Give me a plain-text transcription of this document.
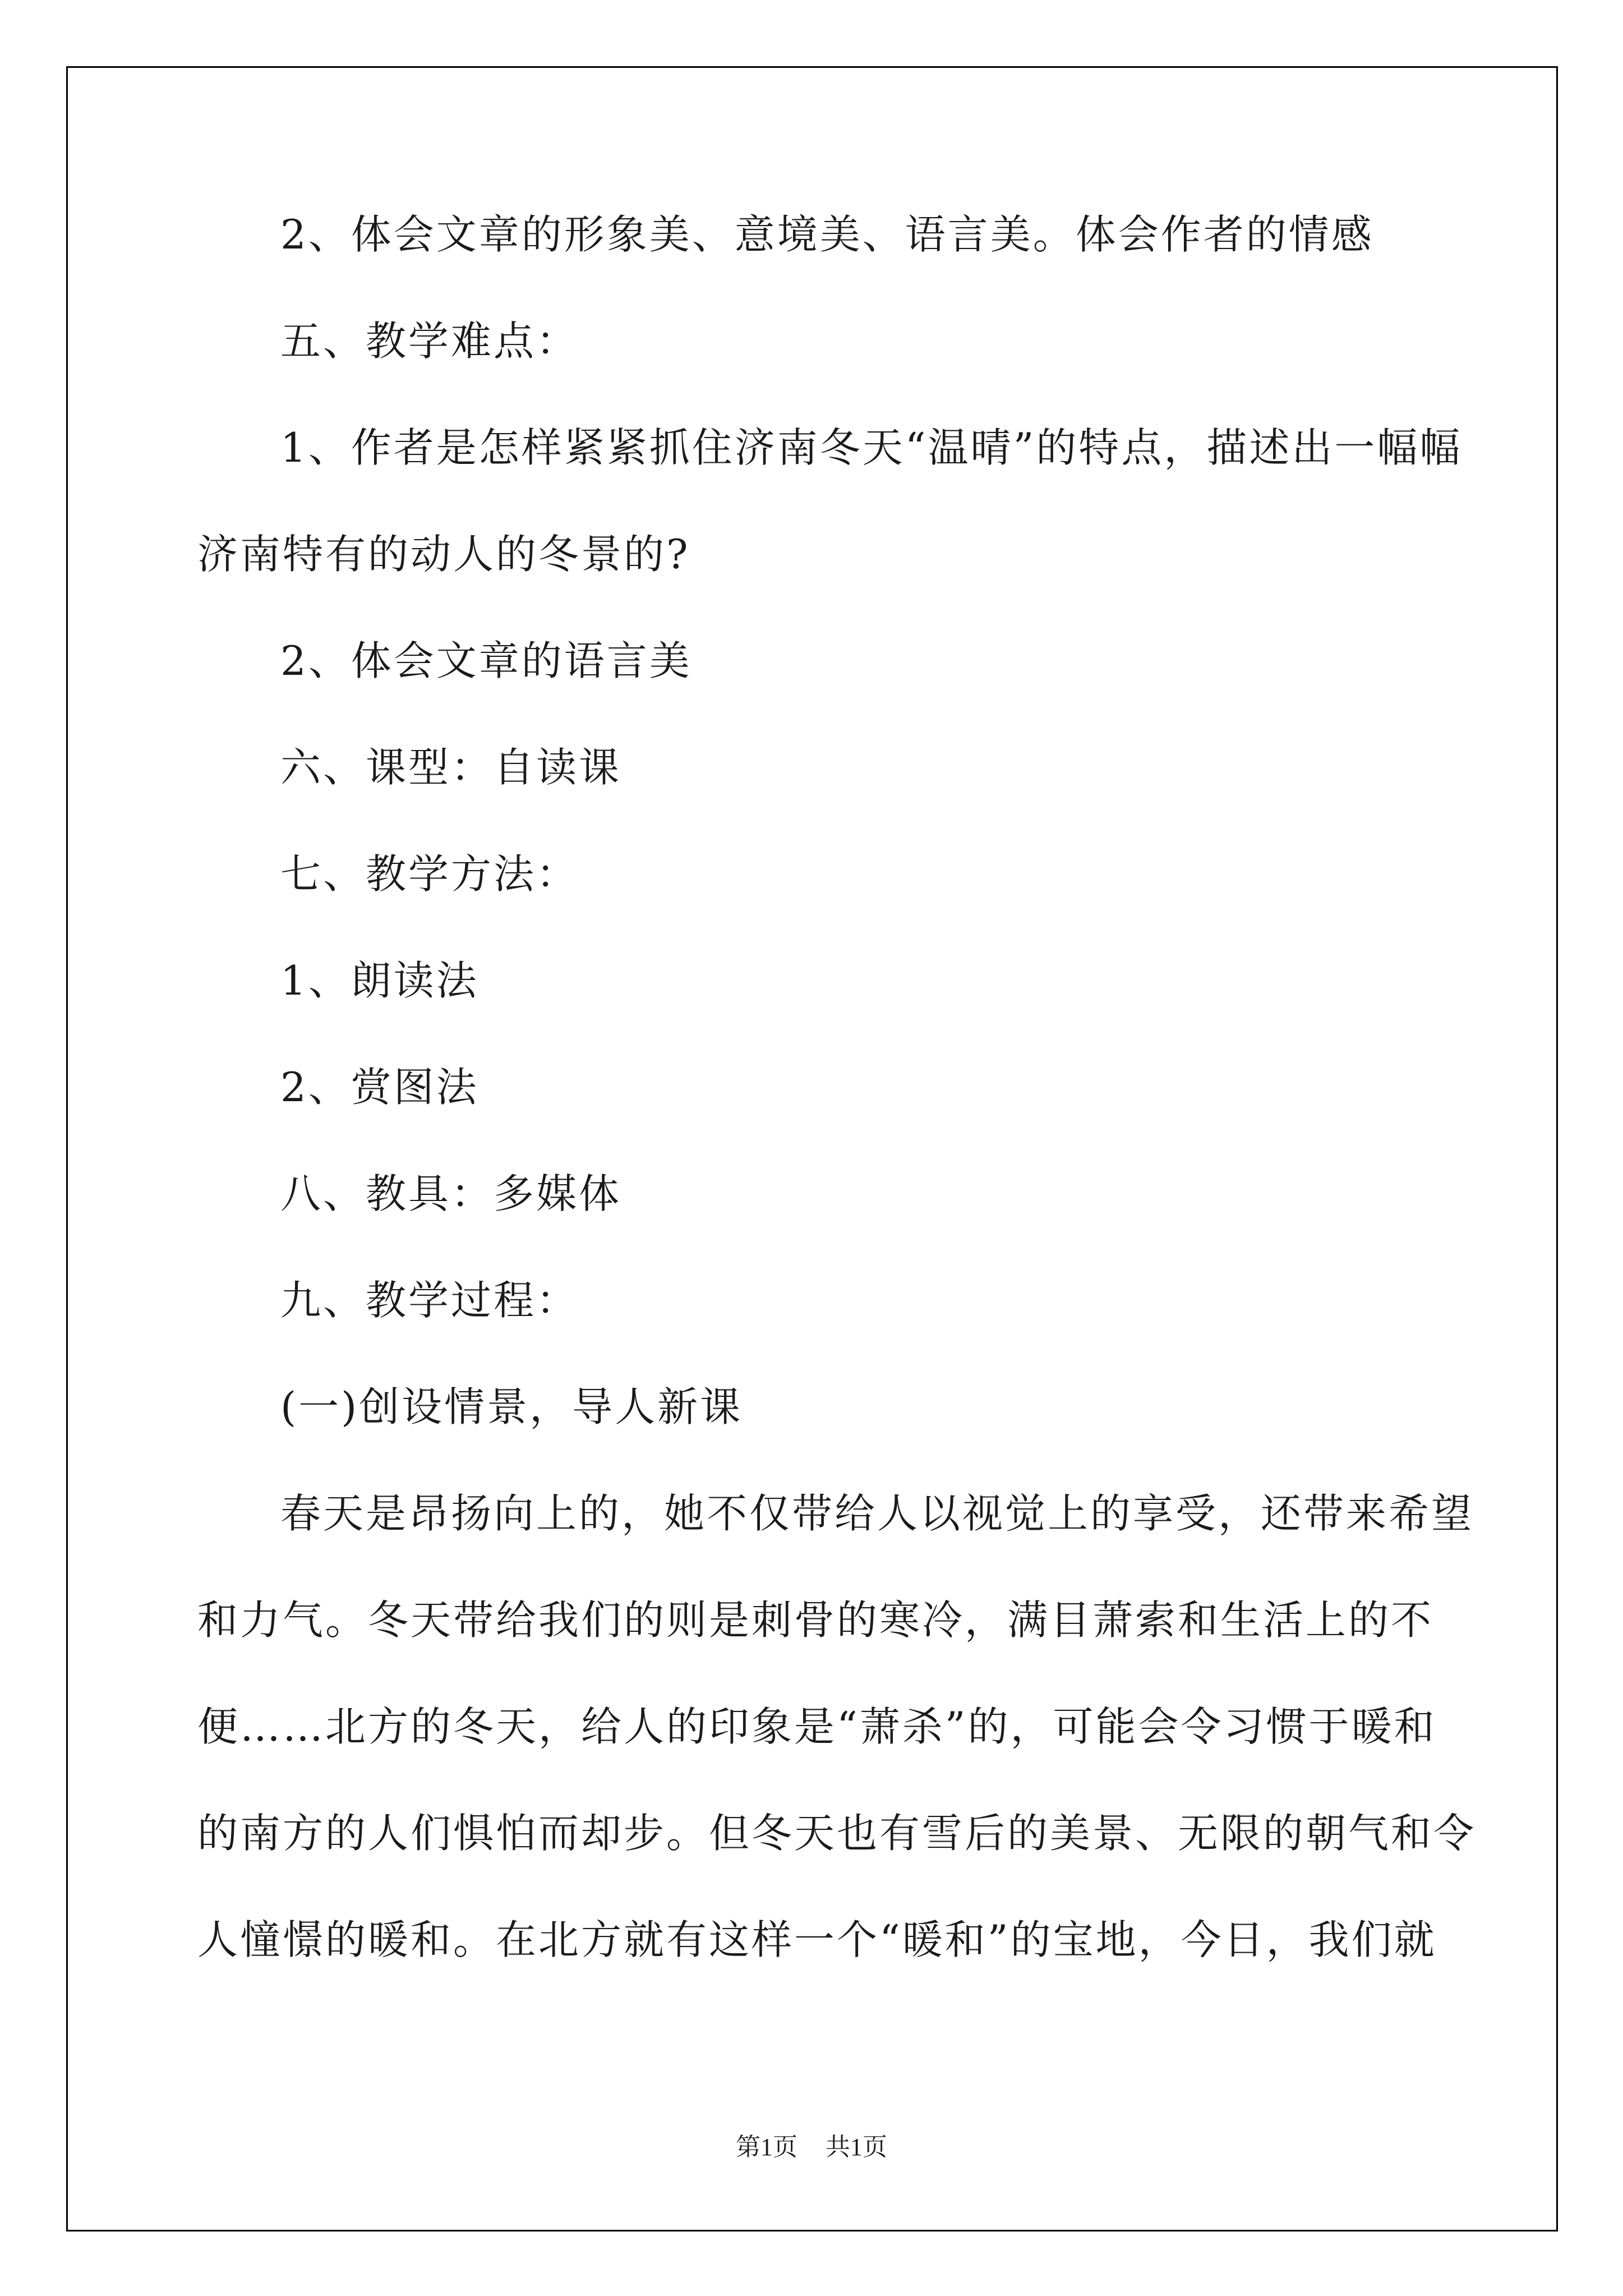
2、体会文章的形象美、意境美、语言美。体会作者的情感
五、教学难点：
1、作者是怎样紧紧抓住济南冬天“温晴”的特点，描述出一幅幅
济南特有的动人的冬景的?
2、体会文章的语言美
六、课型：自读课
七、教学方法：
1、朗读法
2、赏图法
八、教具：多媒体
九、教学过程：
(一)创设情景，导人新课
春天是昂扬向上的，她不仅带给人以视觉上的享受，还带来希望
和力气。冬天带给我们的则是刺骨的寒冷，满目萧索和生活上的不
便……北方的冬天，给人的印象是“萧杀”的，可能会令习惯于暖和
的南方的人们惧怕而却步。但冬天也有雪后的美景、无限的朝气和令
人憧憬的暖和。在北方就有这样一个“暖和”的宝地，今日，我们就
第1页 共1页
